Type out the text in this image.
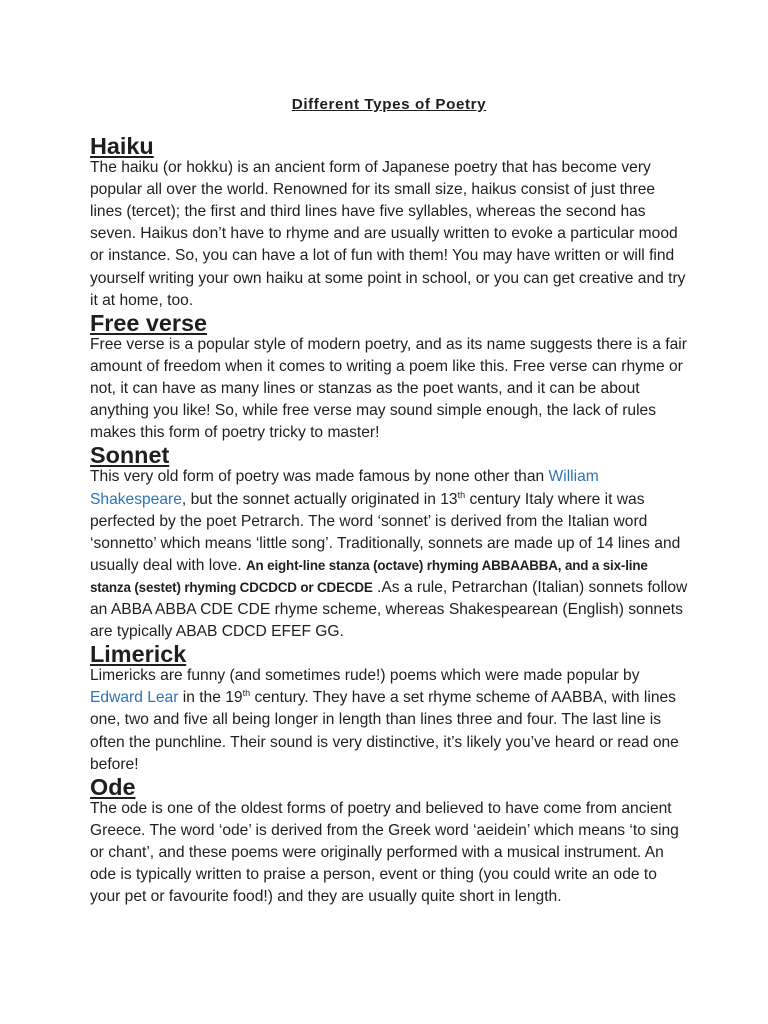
Different Types of Poetry
Haiku

The haiku (or hokku) is an ancient form of Japanese poetry that has become very popular all over the world. Renowned for its small size, haikus consist of just three lines (tercet); the first and third lines have five syllables, whereas the second has seven. Haikus don’t have to rhyme and are usually written to evoke a particular mood or instance. So, you can have a lot of fun with them! You may have written or will find yourself writing your own haiku at some point in school, or you can get creative and try it at home, too.

Free verse

Free verse is a popular style of modern poetry, and as its name suggests there is a fair amount of freedom when it comes to writing a poem like this. Free verse can rhyme or not, it can have as many lines or stanzas as the poet wants, and it can be about anything you like! So, while free verse may sound simple enough, the lack of rules makes this form of poetry tricky to master!

Sonnet

This very old form of poetry was made famous by none other than William Shakespeare, but the sonnet actually originated in 13th century Italy where it was perfected by the poet Petrarch. The word ‘sonnet’ is derived from the Italian word ‘sonnetto’ which means ‘little song’. Traditionally, sonnets are made up of 14 lines and usually deal with love. An eight-line stanza (octave) rhyming ABBAABBA, and a six-line stanza (sestet) rhyming CDCDCD or CDECDE .As a rule, Petrarchan (Italian) sonnets follow an ABBA ABBA CDE CDE rhyme scheme, whereas Shakespearean (English) sonnets are typically ABAB CDCD EFEF GG.

Limerick

Limericks are funny (and sometimes rude!) poems which were made popular by Edward Lear in the 19th century. They have a set rhyme scheme of AABBA, with lines one, two and five all being longer in length than lines three and four. The last line is often the punchline. Their sound is very distinctive, it’s likely you’ve heard or read one before!

Ode

The ode is one of the oldest forms of poetry and believed to have come from ancient Greece. The word ‘ode’ is derived from the Greek word ‘aeidein’ which means ‘to sing or chant’, and these poems were originally performed with a musical instrument. An ode is typically written to praise a person, event or thing (you could write an ode to your pet or favourite food!) and they are usually quite short in length.
